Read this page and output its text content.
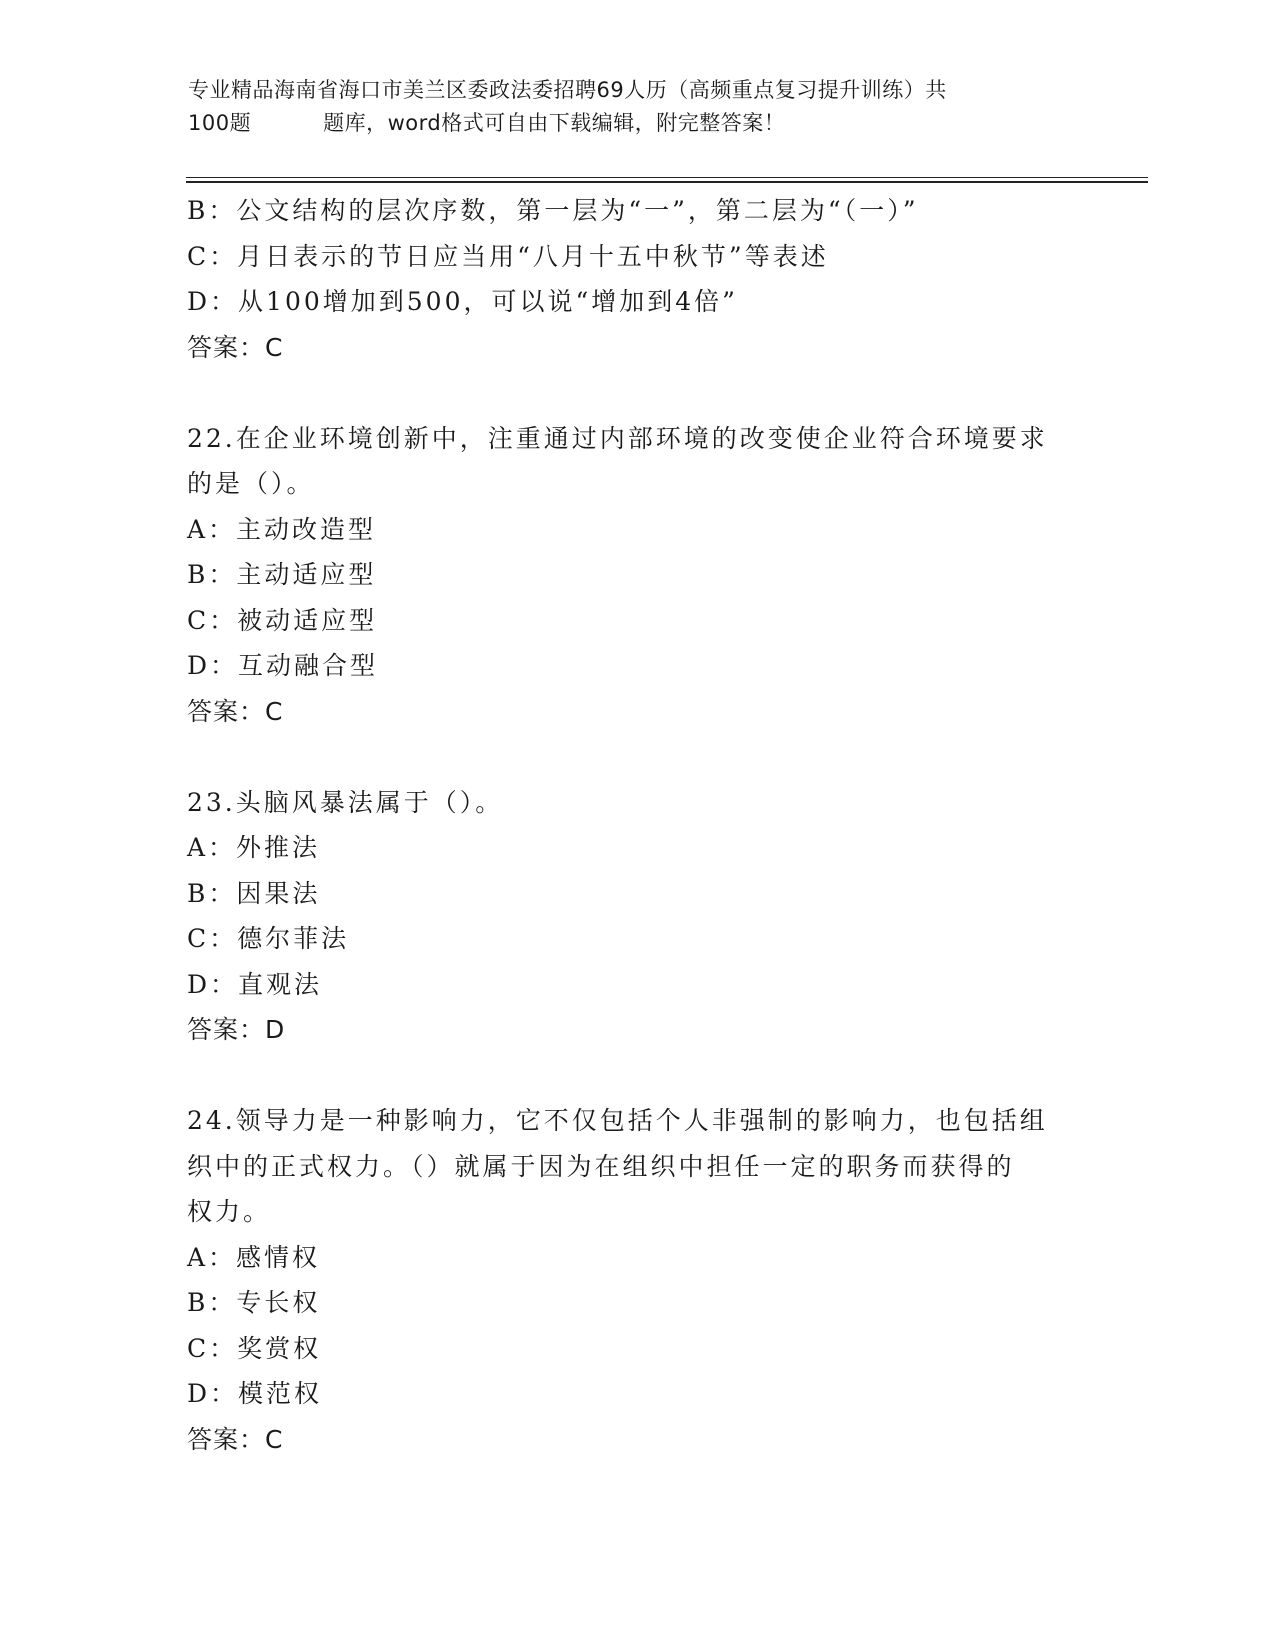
专业精品海南省海口市美兰区委政法委招聘69人历（高频重点复习提升训练）共
100题	题库，word格式可自由下载编辑，附完整答案！
B：公文结构的层次序数，第一层为“一”，第二层为“（一）”
C：月日表示的节日应当用“八月十五中秋节”等表述
D：从100增加到500，可以说“增加到4倍”
答案：C
22.在企业环境创新中，注重通过内部环境的改变使企业符合环境要求
的是（）。
A：主动改造型
B：主动适应型
C：被动适应型
D：互动融合型
答案：C
23.头脑风暴法属于（）。
A：外推法
B：因果法
C：德尔菲法
D：直观法
答案：D
24.领导力是一种影响力，它不仅包括个人非强制的影响力，也包括组
织中的正式权力。（）就属于因为在组织中担任一定的职务而获得的
权力。
A：感情权
B：专长权
C：奖赏权
D：模范权
答案：C
